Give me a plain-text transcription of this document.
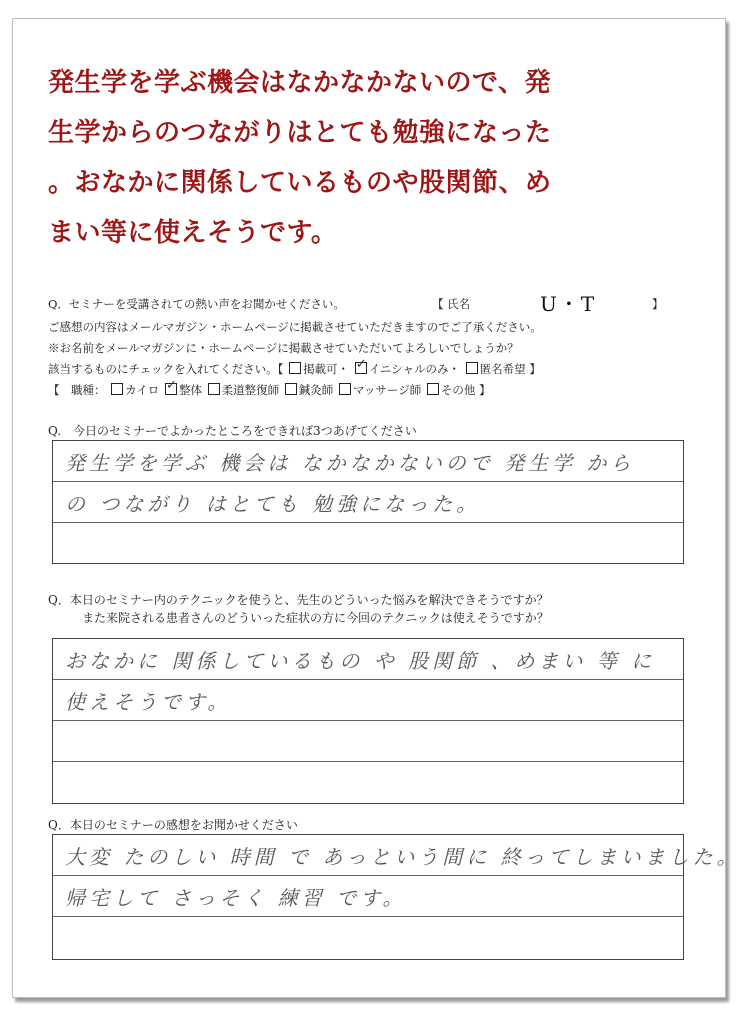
発生学を学ぶ機会はなかなかないので、発
生学からのつながりはとても勉強になった
。おなかに関係しているものや股関節、め
まい等に使えそうです。
Q．セミナーを受講されての熱い声をお聞かせください。	【 氏名	U・T	】
ご感想の内容はメールマガジン・ホームページに掲載させていただきますのでご了承ください。
※お名前をメールマガジンに・ホームページに掲載させていただいてよろしいでしょうか？
該当するものにチェックを入れてください。【 掲載可・ ✓ イニシャルのみ・ 匿名希望 】
【　職種： カイロ ✓ 整体 柔道整復師 鍼灸師 マッサージ師 その他 】
Q.　今日のセミナーでよかったところをできれば3つあげてください
発生学を学ぶ 機会は なかなかないので 発生学 から
の つながり はとても 勉強になった。
Q．本日のセミナー内のテクニックを使うと、先生のどういった悩みを解決できそうですか？
また来院される患者さんのどういった症状の方に今回のテクニックは使えそうですか？
おなかに 関係しているもの や 股関節 、めまい 等 に
使えそうです。
Q．本日のセミナーの感想をお聞かせください
大変 たのしい 時間 で あっという間に 終ってしまいました。
帰宅して さっそく 練習 です。
